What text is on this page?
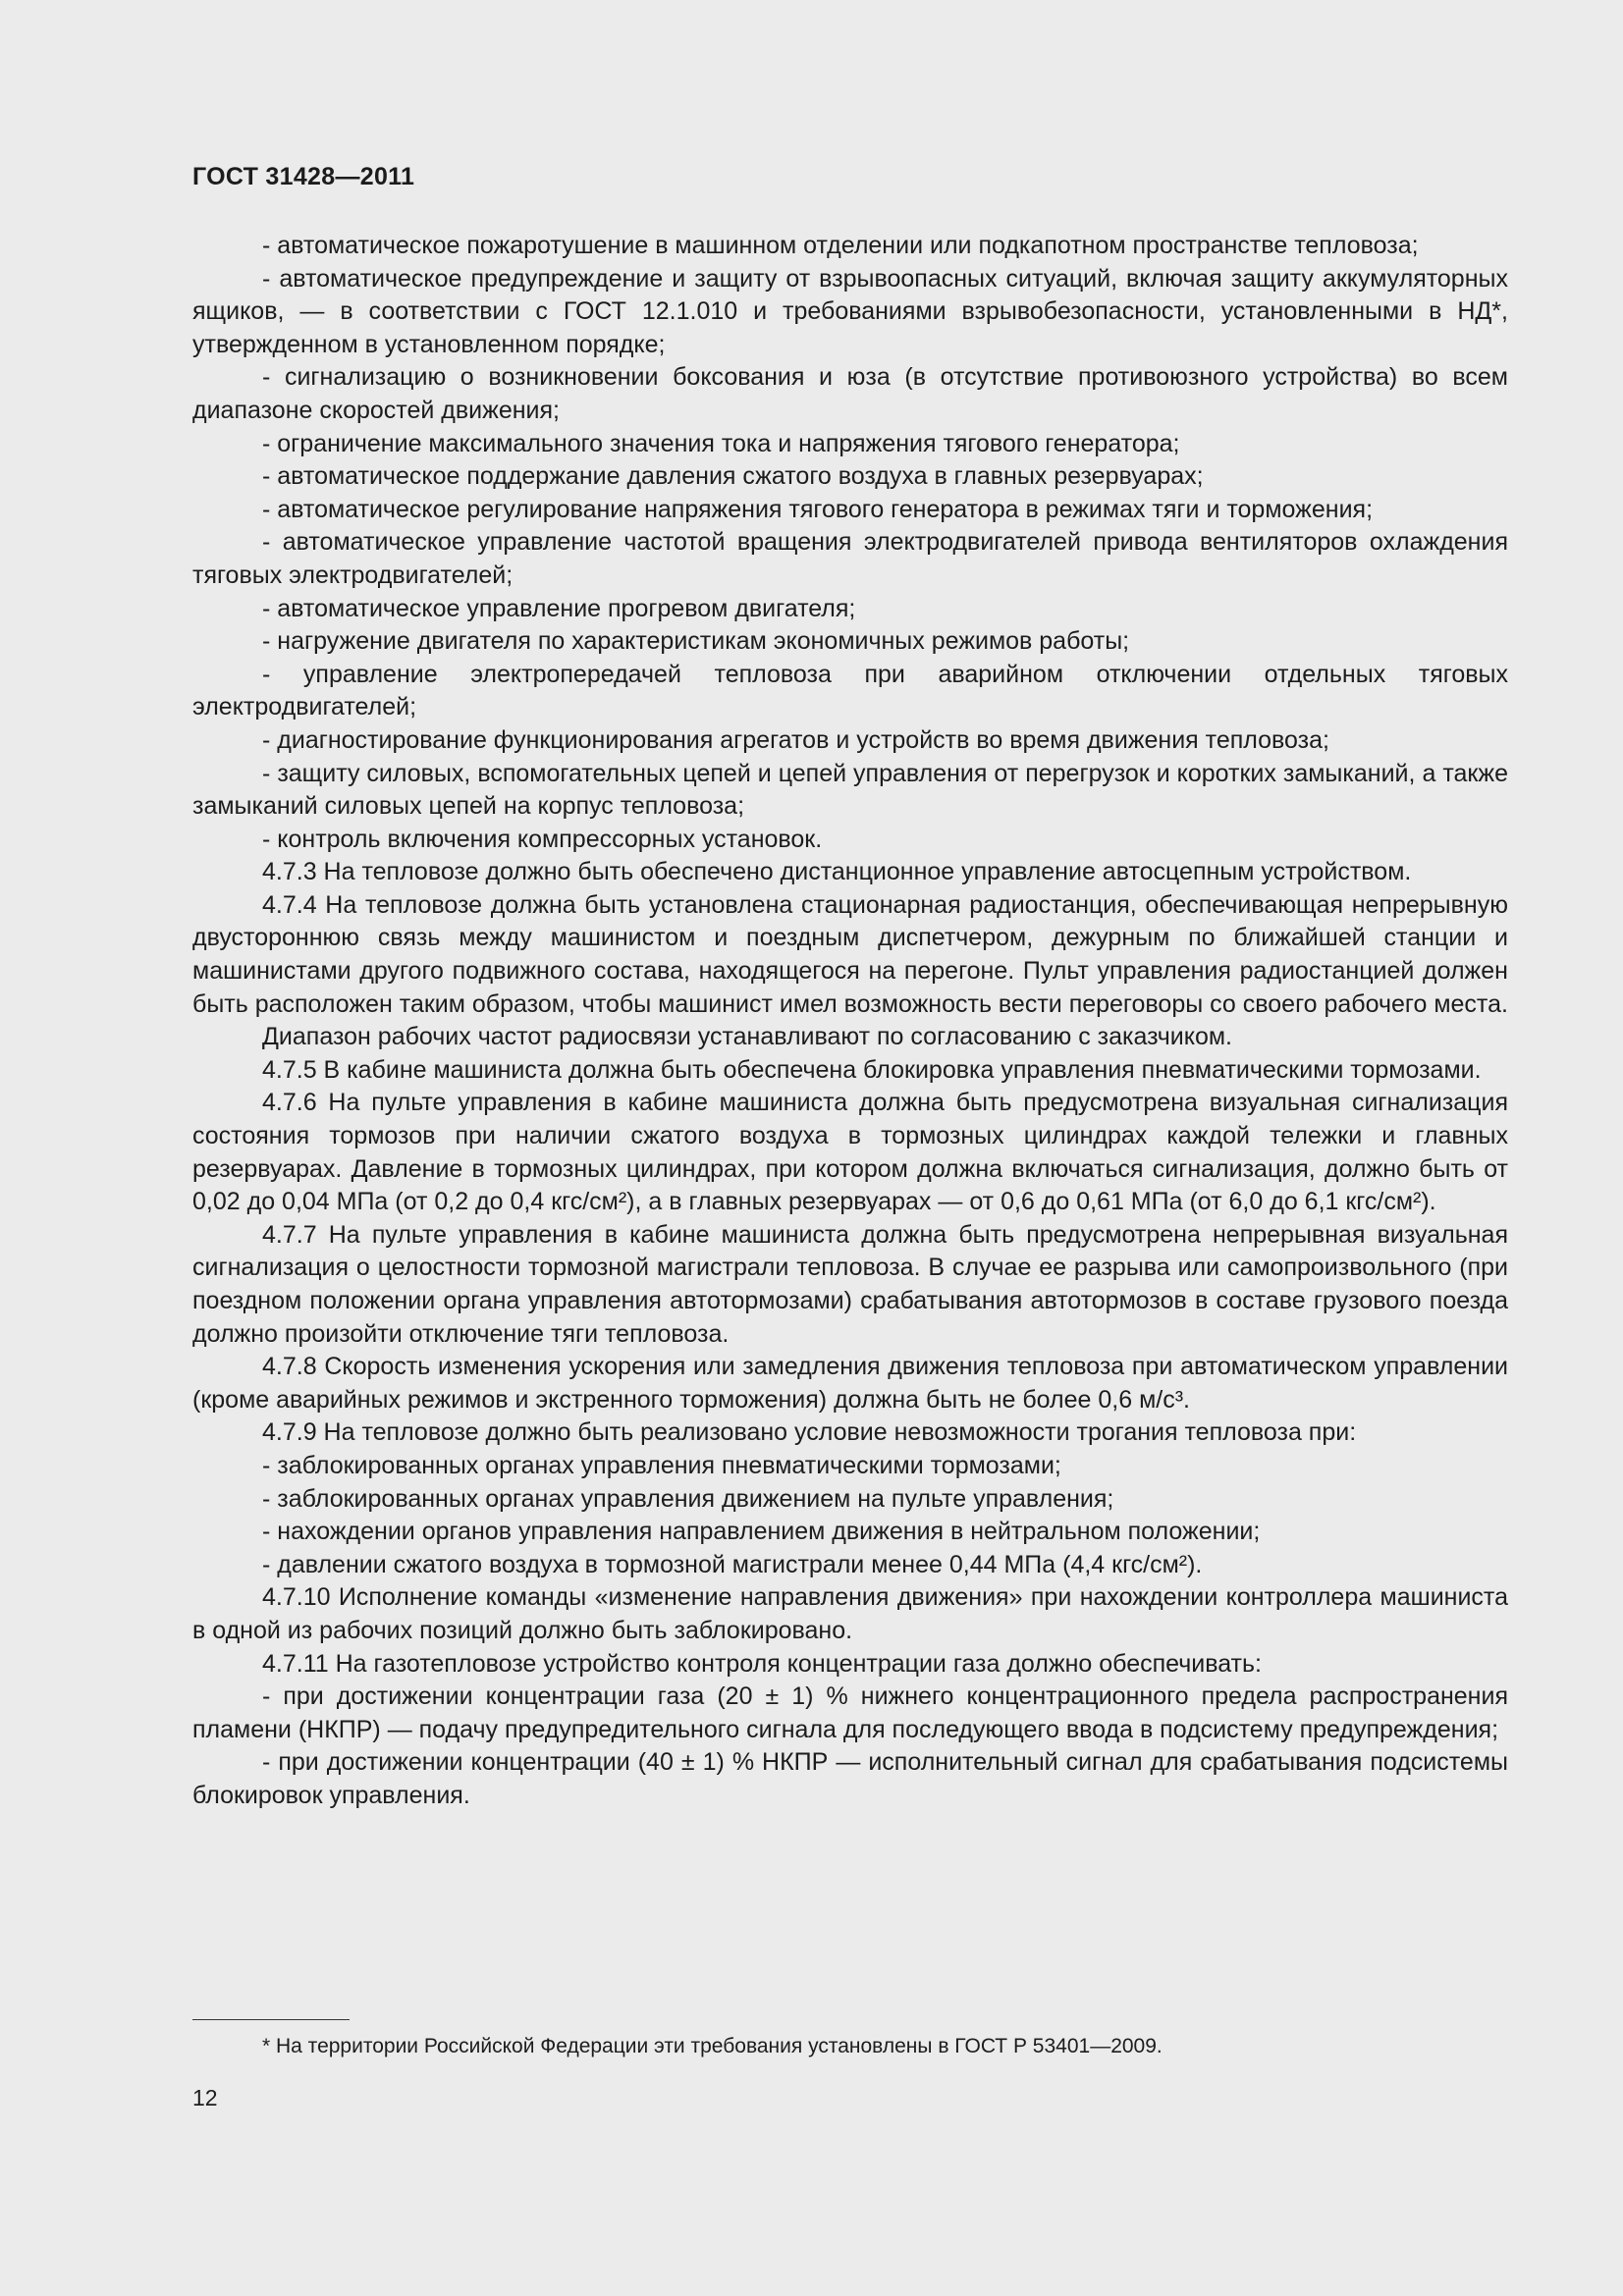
ГОСТ 31428—2011

- автоматическое пожаротушение в машинном отделении или подкапотном пространстве тепловоза;

- автоматическое предупреждение и защиту от взрывоопасных ситуаций, включая защиту аккумуляторных ящиков, — в соответствии с ГОСТ 12.1.010 и требованиями взрывобезопасности, установленными в НД*, утвержденном в установленном порядке;

- сигнализацию о возникновении боксования и юза (в отсутствие противоюзного устройства) во всем диапазоне скоростей движения;

- ограничение максимального значения тока и напряжения тягового генератора;

- автоматическое поддержание давления сжатого воздуха в главных резервуарах;

- автоматическое регулирование напряжения тягового генератора в режимах тяги и торможения;

- автоматическое управление частотой вращения электродвигателей привода вентиляторов охлаждения тяговых электродвигателей;

- автоматическое управление прогревом двигателя;

- нагружение двигателя по характеристикам экономичных режимов работы;

- управление электропередачей тепловоза при аварийном отключении отдельных тяговых электродвигателей;

- диагностирование функционирования агрегатов и устройств во время движения тепловоза;

- защиту силовых, вспомогательных цепей и цепей управления от перегрузок и коротких замыканий, а также замыканий силовых цепей на корпус тепловоза;

- контроль включения компрессорных установок.

4.7.3 На тепловозе должно быть обеспечено дистанционное управление автосцепным устройством.

4.7.4 На тепловозе должна быть установлена стационарная радиостанция, обеспечивающая непрерывную двустороннюю связь между машинистом и поездным диспетчером, дежурным по ближайшей станции и машинистами другого подвижного состава, находящегося на перегоне. Пульт управления радиостанцией должен быть расположен таким образом, чтобы машинист имел возможность вести переговоры со своего рабочего места.

Диапазон рабочих частот радиосвязи устанавливают по согласованию с заказчиком.

4.7.5 В кабине машиниста должна быть обеспечена блокировка управления пневматическими тормозами.

4.7.6 На пульте управления в кабине машиниста должна быть предусмотрена визуальная сигнализация состояния тормозов при наличии сжатого воздуха в тормозных цилиндрах каждой тележки и главных резервуарах. Давление в тормозных цилиндрах, при котором должна включаться сигнализация, должно быть от 0,02 до 0,04 МПа (от 0,2 до 0,4 кгс/см²), а в главных резервуарах — от 0,6 до 0,61 МПа (от 6,0 до 6,1 кгс/см²).

4.7.7 На пульте управления в кабине машиниста должна быть предусмотрена непрерывная визуальная сигнализация о целостности тормозной магистрали тепловоза. В случае ее разрыва или самопроизвольного (при поездном положении органа управления автотормозами) срабатывания автотормозов в составе грузового поезда должно произойти отключение тяги тепловоза.

4.7.8 Скорость изменения ускорения или замедления движения тепловоза при автоматическом управлении (кроме аварийных режимов и экстренного торможения) должна быть не более 0,6 м/с³.

4.7.9 На тепловозе должно быть реализовано условие невозможности трогания тепловоза при:

- заблокированных органах управления пневматическими тормозами;

- заблокированных органах управления движением на пульте управления;

- нахождении органов управления направлением движения в нейтральном положении;

- давлении сжатого воздуха в тормозной магистрали менее 0,44 МПа (4,4 кгс/см²).

4.7.10 Исполнение команды «изменение направления движения» при нахождении контроллера машиниста в одной из рабочих позиций должно быть заблокировано.

4.7.11 На газотепловозе устройство контроля концентрации газа должно обеспечивать:

- при достижении концентрации газа (20 ± 1) % нижнего концентрационного предела распространения пламени (НКПР) — подачу предупредительного сигнала для последующего ввода в подсистему предупреждения;

- при достижении концентрации (40 ± 1) % НКПР — исполнительный сигнал для срабатывания подсистемы блокировок управления.

* На территории Российской Федерации эти требования установлены в ГОСТ Р 53401—2009.
12
